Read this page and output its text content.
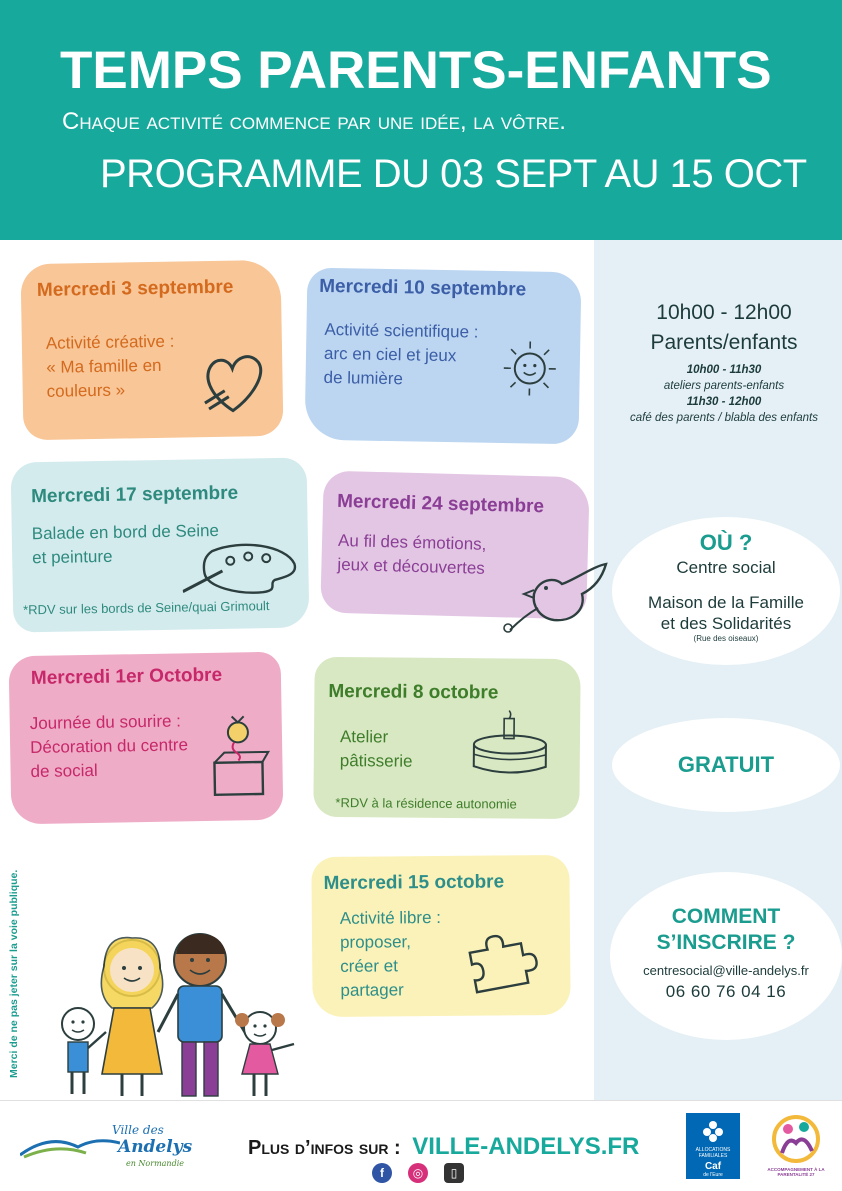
TEMPS PARENTS-ENFANTS
Chaque activité commence par une idée, la vôtre.
PROGRAMME DU 03 SEPT AU 15 OCT
Mercredi 3 septembre
Activité créative :
« Ma famille en
couleurs »
Mercredi 10 septembre
Activité scientifique :
arc en ciel et jeux
de lumière
Mercredi 17 septembre
Balade en bord de Seine
et peinture
*RDV sur les bords de Seine/quai Grimoult
Mercredi 24 septembre
Au fil des émotions,
jeux et découvertes
Mercredi 1er Octobre
Journée du sourire :
Décoration du centre
de social
Mercredi 8 octobre
Atelier
pâtisserie
*RDV à la résidence autonomie
Mercredi 15 octobre
Activité libre :
proposer,
créer et
partager
10h00 - 12h00
Parents/enfants
10h00 - 11h30
ateliers parents-enfants
11h30 - 12h00
café des parents / blabla des enfants
OÙ ?
Centre social
Maison de la Famille
et des Solidarités
(Rue des oiseaux)
GRATUIT
COMMENT
S’INSCRIRE ?
centresocial@ville-andelys.fr
06 60 76 04 16
Merci de ne pas jeter sur la voie publique.
Ville des
Andelys
en Normandie
Plus d’infos sur : VILLE-ANDELYS.FR
f	◎	▯
ALLOCATIONS FAMILIALES
Caf
de l'Eure
ACCOMPAGNEMENT À LA PARENTALITÉ 27
